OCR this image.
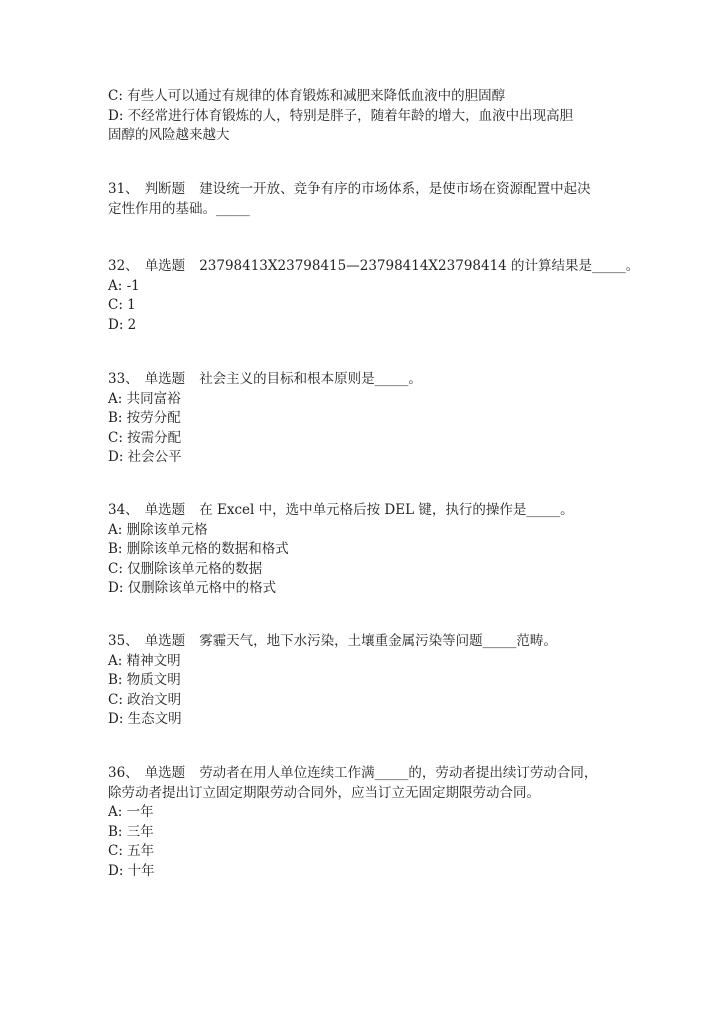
C: 有些人可以通过有规律的体育锻炼和减肥来降低血液中的胆固醇
D: 不经常进行体育锻炼的人，特别是胖子，随着年龄的增大，血液中出现高胆
固醇的风险越来越大
31、 判断题 建设统一开放、竞争有序的市场体系，是使市场在资源配置中起决
定性作用的基础。_____
32、 单选题 23798413X23798415—23798414X23798414 的计算结果是_____。
A: -1
C: 1
D: 2
33、 单选题 社会主义的目标和根本原则是_____。
A: 共同富裕
B: 按劳分配
C: 按需分配
D: 社会公平
34、 单选题 在 Excel 中，选中单元格后按 DEL 键，执行的操作是_____。
A: 删除该单元格
B: 删除该单元格的数据和格式
C: 仅删除该单元格的数据
D: 仅删除该单元格中的格式
35、 单选题 雾霾天气，地下水污染，土壤重金属污染等问题_____范畴。
A: 精神文明
B: 物质文明
C: 政治文明
D: 生态文明
36、 单选题 劳动者在用人单位连续工作满_____的，劳动者提出续订劳动合同，
除劳动者提出订立固定期限劳动合同外，应当订立无固定期限劳动合同。
A: 一年
B: 三年
C: 五年
D: 十年
